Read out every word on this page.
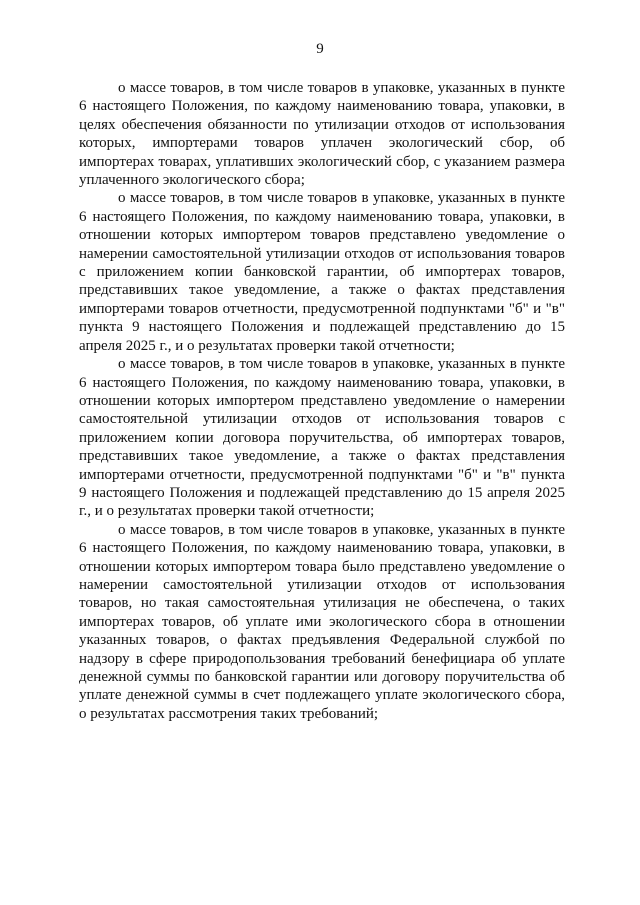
9

о массе товаров, в том числе товаров в упаковке, указанных в пункте 6 настоящего Положения, по каждому наименованию товара, упаковки, в целях обеспечения обязанности по утилизации отходов от использования которых, импортерами товаров уплачен экологический сбор, об импортерах товарах, уплативших экологический сбор, с указанием размера уплаченного экологического сбора;

о массе товаров, в том числе товаров в упаковке, указанных в пункте 6 настоящего Положения, по каждому наименованию товара, упаковки, в отношении которых импортером товаров представлено уведомление о намерении самостоятельной утилизации отходов от использования товаров с приложением копии банковской гарантии, об импортерах товаров, представивших такое уведомление, а также о фактах представления импортерами товаров отчетности, предусмотренной подпунктами "б" и "в" пункта 9 настоящего Положения и подлежащей представлению до 15 апреля 2025 г., и о результатах проверки такой отчетности;

о массе товаров, в том числе товаров в упаковке, указанных в пункте 6 настоящего Положения, по каждому наименованию товара, упаковки, в отношении которых импортером представлено уведомление о намерении самостоятельной утилизации отходов от использования товаров с приложением копии договора поручительства, об импортерах товаров, представивших такое уведомление, а также о фактах представления импортерами отчетности, предусмотренной подпунктами "б" и "в" пункта 9 настоящего Положения и подлежащей представлению до 15 апреля 2025 г., и о результатах проверки такой отчетности;

о массе товаров, в том числе товаров в упаковке, указанных в пункте 6 настоящего Положения, по каждому наименованию товара, упаковки, в отношении которых импортером товара было представлено уведомление о намерении самостоятельной утилизации отходов от использования товаров, но такая самостоятельная утилизация не обеспечена, о таких импортерах товаров, об уплате ими экологического сбора в отношении указанных товаров, о фактах предъявления Федеральной службой по надзору в сфере природопользования требований бенефициара об уплате денежной суммы по банковской гарантии или договору поручительства об уплате денежной суммы в счет подлежащего уплате экологического сбора, о результатах рассмотрения таких требований;
